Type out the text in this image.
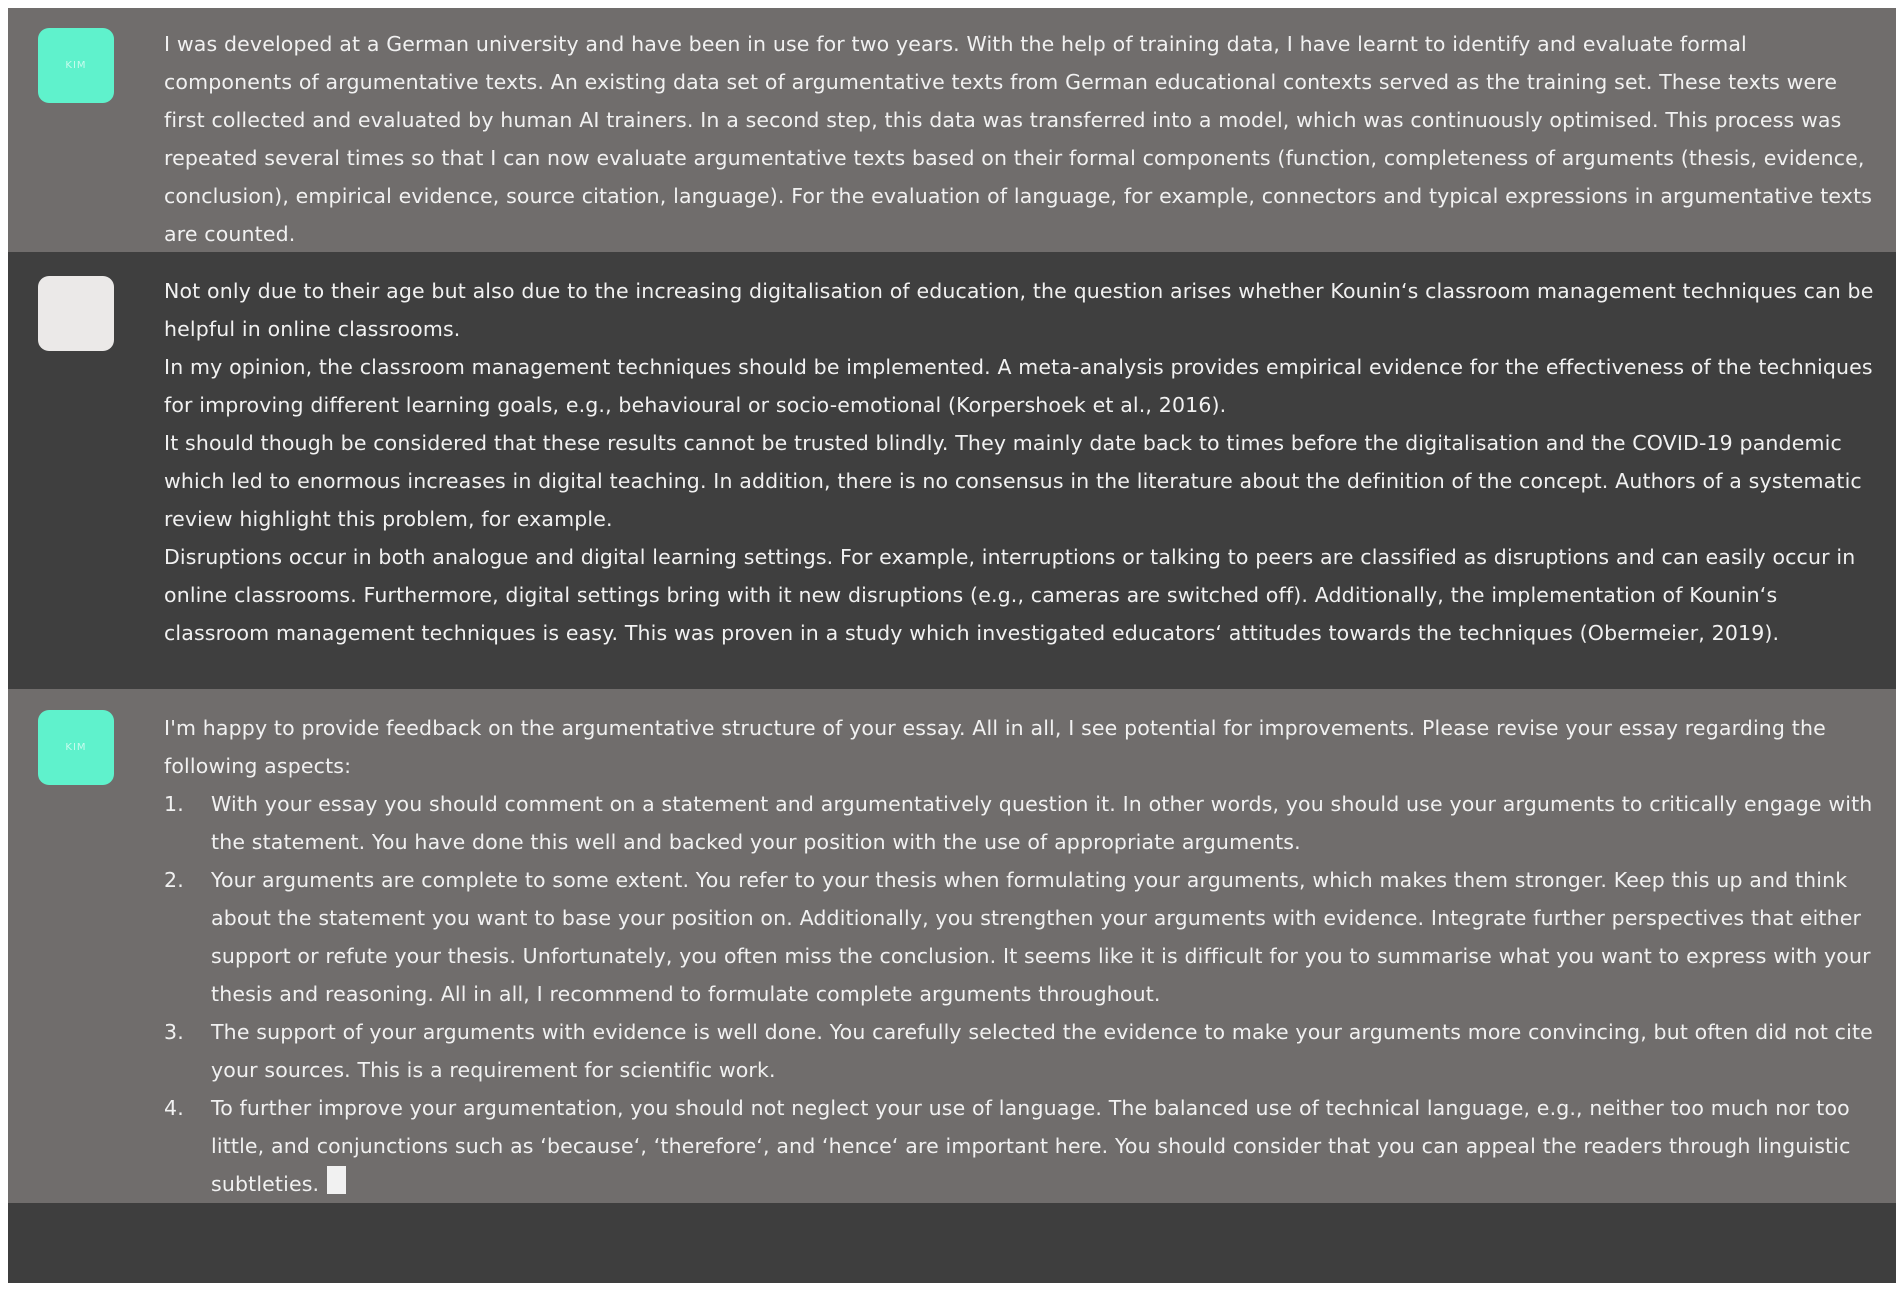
KIM

I was developed at a German university and have been in use for two years. With the help of training data, I have learnt to identify and evaluate formal components of argumentative texts. An existing data set of argumentative texts from German educational contexts served as the training set. These texts were first collected and evaluated by human AI trainers. In a second step, this data was transferred into a model, which was continuously optimised. This process was repeated several times so that I can now evaluate argumentative texts based on their formal components (function, completeness of arguments (thesis, evidence, conclusion), empirical evidence, source citation, language). For the evaluation of language, for example, connectors and typical expressions in argumentative texts are counted.

Not only due to their age but also due to the increasing digitalisation of education, the question arises whether Kounin‘s classroom management techniques can be helpful in online classrooms.

In my opinion, the classroom management techniques should be implemented. A meta-analysis provides empirical evidence for the effectiveness of the techniques for improving different learning goals, e.g., behavioural or socio-emotional (Korpershoek et al., 2016).

It should though be considered that these results cannot be trusted blindly. They mainly date back to times before the digitalisation and the COVID-19 pandemic which led to enormous increases in digital teaching. In addition, there is no consensus in the literature about the definition of the concept. Authors of a systematic review highlight this problem, for example.

Disruptions occur in both analogue and digital learning settings. For example, interruptions or talking to peers are classified as disruptions and can easily occur in online classrooms. Furthermore, digital settings bring with it new disruptions (e.g., cameras are switched off). Additionally, the implementation of Kounin‘s classroom management techniques is easy. This was proven in a study which investigated educators‘ attitudes towards the techniques (Obermeier, 2019).

KIM

I'm happy to provide feedback on the argumentative structure of your essay. All in all, I see potential for improvements. Please revise your essay regarding the following aspects:

1. With your essay you should comment on a statement and argumentatively question it. In other words, you should use your arguments to critically engage with the statement. You have done this well and backed your position with the use of appropriate arguments.
2. Your arguments are complete to some extent. You refer to your thesis when formulating your arguments, which makes them stronger. Keep this up and think about the statement you want to base your position on. Additionally, you strengthen your arguments with evidence. Integrate further perspectives that either support or refute your thesis. Unfortunately, you often miss the conclusion. It seems like it is difficult for you to summarise what you want to express with your thesis and reasoning. All in all, I recommend to formulate complete arguments throughout.
3. The support of your arguments with evidence is well done. You carefully selected the evidence to make your arguments more convincing, but often did not cite your sources. This is a requirement for scientific work.
4. To further improve your argumentation, you should not neglect your use of language. The balanced use of technical language, e.g., neither too much nor too little, and conjunctions such as ‘because‘, ‘therefore‘, and ‘hence‘ are important here. You should consider that you can appeal the readers through linguistic subtleties.
